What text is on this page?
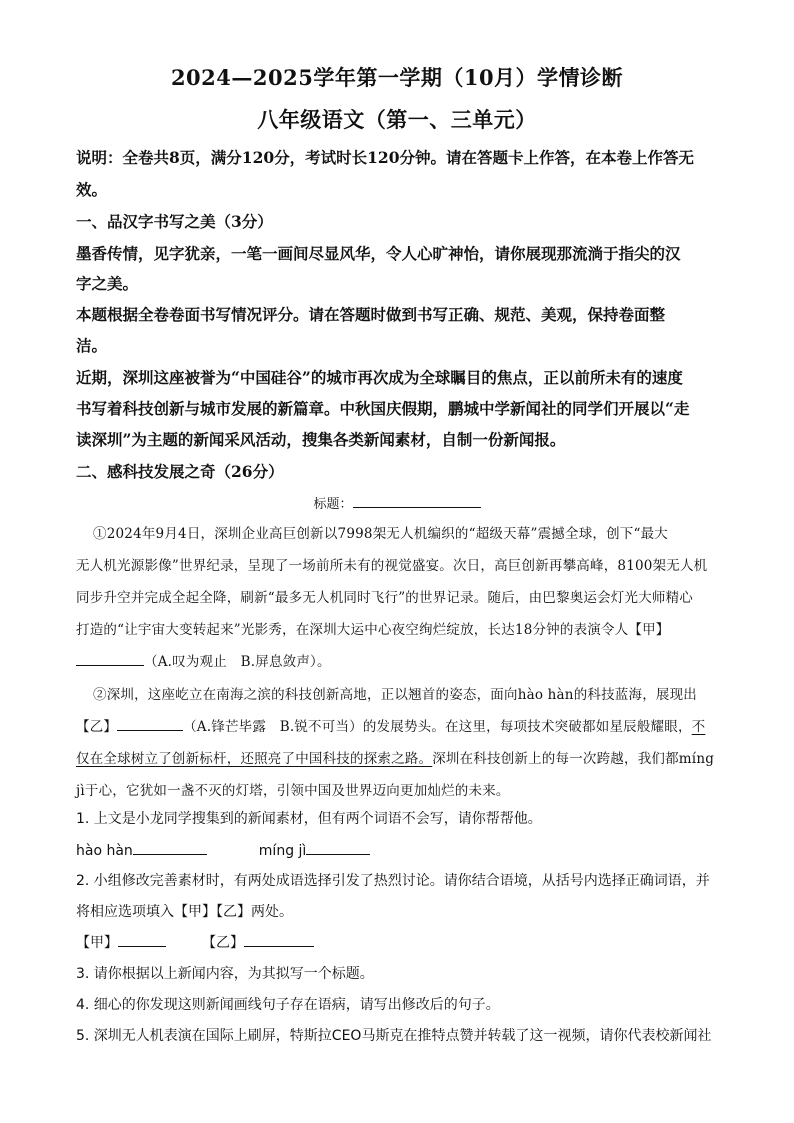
2024—2025学年第一学期（10月）学情诊断
八年级语文（第一、三单元）
说明：全卷共8页，满分120分，考试时长120分钟。请在答题卡上作答，在本卷上作答无
效。
一、品汉字书写之美（3分）
墨香传情，见字犹亲，一笔一画间尽显风华，令人心旷神怡，请你展现那流淌于指尖的汉
字之美。
本题根据全卷卷面书写情况评分。请在答题时做到书写正确、规范、美观，保持卷面整
洁。
近期，深圳这座被誉为“中国硅谷”的城市再次成为全球瞩目的焦点，正以前所未有的速度
书写着科技创新与城市发展的新篇章。中秋国庆假期，鹏城中学新闻社的同学们开展以“走
读深圳”为主题的新闻采风活动，搜集各类新闻素材，自制一份新闻报。
二、感科技发展之奇（26分）
标题：
①2024年9月4日，深圳企业高巨创新以7998架无人机编织的“超级天幕”震撼全球，创下“最大
无人机光源影像”世界纪录，呈现了一场前所未有的视觉盛宴。次日，高巨创新再攀高峰，8100架无人机
同步升空并完成全起全降，刷新“最多无人机同时飞行”的世界记录。随后，由巴黎奥运会灯光大师精心
打造的“让宇宙大变转起来”光影秀，在深圳大运中心夜空绚烂绽放，长达18分钟的表演令人【甲】
（A.叹为观止　B.屏息敛声）。
②深圳，这座屹立在南海之滨的科技创新高地，正以翘首的姿态，面向hào hàn的科技蓝海，展现出
【乙】	（A.锋芒毕露　B.锐不可当）的发展势头。在这里，每项技术突破都如星辰般耀眼，不
仅在全球树立了创新标杆，还照亮了中国科技的探索之路。深圳在科技创新上的每一次跨越，我们都míng
jì于心，它犹如一盏不灭的灯塔，引领中国及世界迈向更加灿烂的未来。
1. 上文是小龙同学搜集到的新闻素材，但有两个词语不会写，请你帮帮他。
hào hàn	míng jì
2. 小组修改完善素材时，有两处成语选择引发了热烈讨论。请你结合语境，从括号内选择正确词语，并
将相应选项填入【甲】【乙】两处。
【甲】	【乙】
3. 请你根据以上新闻内容，为其拟写一个标题。
4. 细心的你发现这则新闻画线句子存在语病，请写出修改后的句子。
5. 深圳无人机表演在国际上刷屏，特斯拉CEO马斯克在推特点赞并转载了这一视频，请你代表校新闻社
